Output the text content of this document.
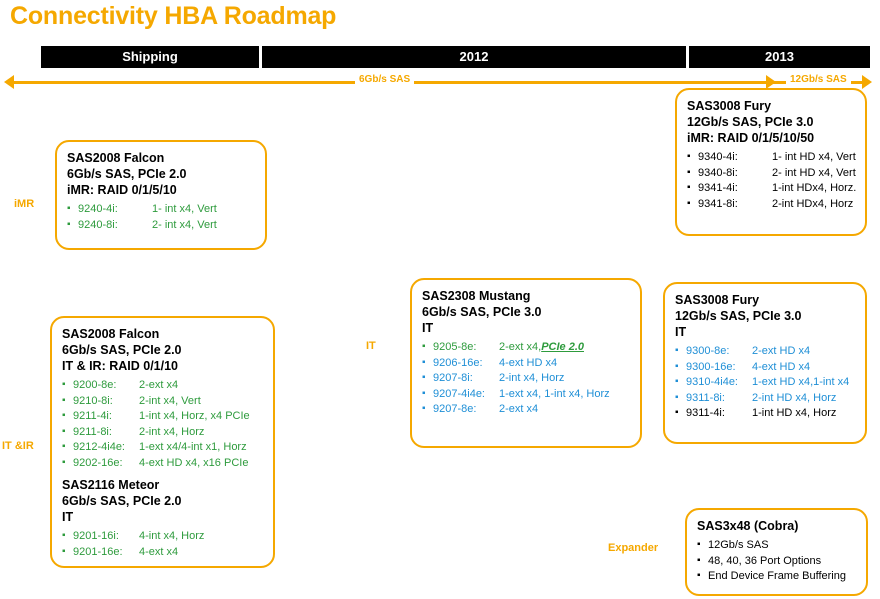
Connectivity HBA Roadmap
Shipping	2012	2013
6Gb/s SAS	12Gb/s SAS
iMR
IT &IR
IT
Expander
SAS2008 Falcon
6Gb/s SAS, PCIe 2.0
iMR: RAID 0/1/5/10
▪ 9240-4i:	1- int x4, Vert
▪ 9240-8i:	2- int x4, Vert
SAS3008 Fury
12Gb/s SAS, PCIe 3.0
iMR: RAID 0/1/5/10/50
▪ 9340-4i:	1- int HD x4, Vert
▪ 9340-8i:	2- int HD x4, Vert
▪ 9341-4i:	1-int HDx4, Horz.
▪ 9341-8i:	2-int HDx4, Horz
SAS2308 Mustang
6Gb/s SAS, PCIe 3.0
IT
▪ 9205-8e: 2-ext x4,PCIe 2.0
▪ 9206-16e: 4-ext HD x4
▪ 9207-8i: 2-int x4, Horz
▪ 9207-4i4e: 1-ext x4, 1-int x4, Horz
▪ 9207-8e: 2-ext x4
SAS3008 Fury
12Gb/s SAS, PCIe 3.0
IT
▪ 9300-8e: 2-ext HD x4
▪ 9300-16e: 4-ext HD x4
▪ 9310-4i4e: 1-ext HD x4,1-int x4
▪ 9311-8i: 2-int HD x4, Horz
▪ 9311-4i: 1-int HD x4, Horz
SAS2008 Falcon
6Gb/s SAS, PCIe 2.0
IT & IR: RAID 0/1/10
▪ 9200-8e: 2-ext x4
▪ 9210-8i: 2-int x4, Vert
▪ 9211-4i: 1-int x4, Horz, x4 PCIe
▪ 9211-8i: 2-int x4, Horz
▪ 9212-4i4e: 1-ext x4/4-int x1, Horz
▪ 9202-16e: 4-ext HD x4, x16 PCIe
SAS2116 Meteor
6Gb/s SAS, PCIe 2.0
IT
▪ 9201-16i: 4-int x4, Horz
▪ 9201-16e: 4-ext x4
SAS3x48 (Cobra)
▪ 12Gb/s SAS
▪ 48, 40, 36 Port Options
▪ End Device Frame Buffering
